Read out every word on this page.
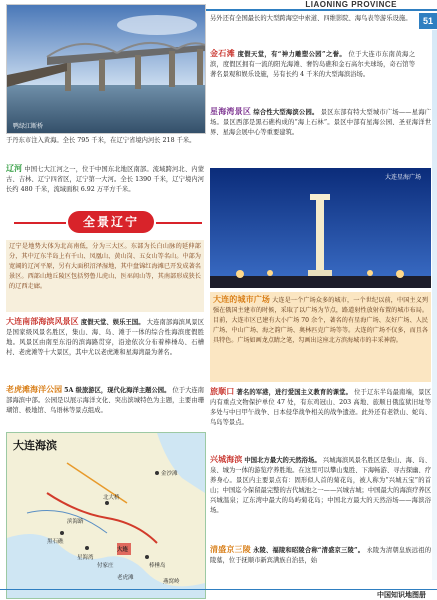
LIAONING PROVINCE
51
鸭绿江断桥
于丹东市注入黄海。全长 795 千米，在辽宁省境内河长 218 千米。
辽河 中国七大江河之一，位于中国东北地区南部。流域跨河北、内蒙古、吉林、辽宁四省区，辽宁第一大河。全长 1390 千米，辽宁境内河长约 480 千米，流域面积 6.92 万平方千米。
全景辽宁
辽宁是地势大体为北高南低，分为三大区。东部为长白山脉的延伸部分，其中辽东半岛上有千山、凤凰山、黄山岗、五女山等名山。中部为宽阔的辽河平原，另有大面积沼泽湿地，其中盘锦红海滩已开发成著名景区。西部山地丘陵区包括努鲁儿虎山、医巫闾山等，其南部形成狭长的辽西走廊。
大连南部海滨风景区 度假天堂、娱乐王国。 大连南部海滨风景区是国家级风景名胜区，集山、海、岛、滩于一体的综合性海滨度假胜地。风景区由南至东沿的滨海路贯穿，沿途依次分布着棒棰岛、石槽村、老虎滩等十大景区，其中尤以老虎滩和星海湾最为著名。
老虎滩海洋公园 5A 级旅游区，现代化海洋主题公园。 位于大连南部海滨中部。公园是以展示海洋文化、突出滨城特色为主题，主要由珊瑚馆、极地馆、鸟语林等景点组成。
大连海滨
金沙滩
棒棰岛
老虎滩
星海湾
付家庄
黑石礁
大连
北大桥
燕窝岭
滨海路
另外还有全国最长的大型跨海空中索道、四维影院、海鸟表等游乐设施。
金石滩 度假天堂，有“神力雕塑公园”之誉。 位于大连市东南黄海之滨，度假区拥有一流的阳光海滩、奢钓岛礁和金石高尔夫球场，奇石馆等著名景观和娱乐设施，另有长约 4 千米的大型海滨浴场。
星海湾景区 综合性大型海滨公园。 景区东部有特大型城市广场——星海广场。景区西部是黑石礁构成的“海上石林”。景区中部有星海公园、圣亚海洋世界、星海会展中心等重要建筑。
大连星海广场
大连的城市广场 大连是一个广场众多的城市，一个世纪以前，中国主义列强在俄国主建市的时候，采取了以广场为节点，路道射性放射布置的城市布局。目前，大连市区已建有大小广场 70 余个，著名的有星海广场、友好广场、人民广场、中山广场、海之韵广场、奥林匹克广场等等。大连的广场不仅多，而且各具特色。广场如画龙点睛之笔，勾画出这座北方滨海城市的丰采神韵。
旅顺口 著名的军港，进行爱国主义教育的课堂。 位于辽东半岛最南端，景区内有重点文物保护单位 47 处，有东鸡冠山、203 高地、旅顺日俄监狱旧址等多处与中日甲午战争、日本侵华战争相关的战争遗迹。此外还有老铁山、蛇岛、鸟岛等景点。
兴城海滨 中国北方最大的天然浴场。 兴城海滨风景名胜区是集山、海、岛、泉、城为一体的游览疗养胜地。在这里可以攀山鬼胜、下海畅游、寻古探幽、疗养身心。景区内主要景点有：固形似人首的菊花岛，被人称为“兴城五宝”的首山；中国迄今保留最完整的古代城池之一——兴城古城；中国最大的海滨疗养区兴城温泉；辽东湾中最大的岛屿菊花岛；中国北方最大的天然浴场——海滨浴场。
清盛京三陵 永陵、福陵和昭陵合称“清盛京三陵”。 永陵为清朝皇族远祖的陵墓，位于抚顺市新宾满族自治县，始
中国知识地图册
